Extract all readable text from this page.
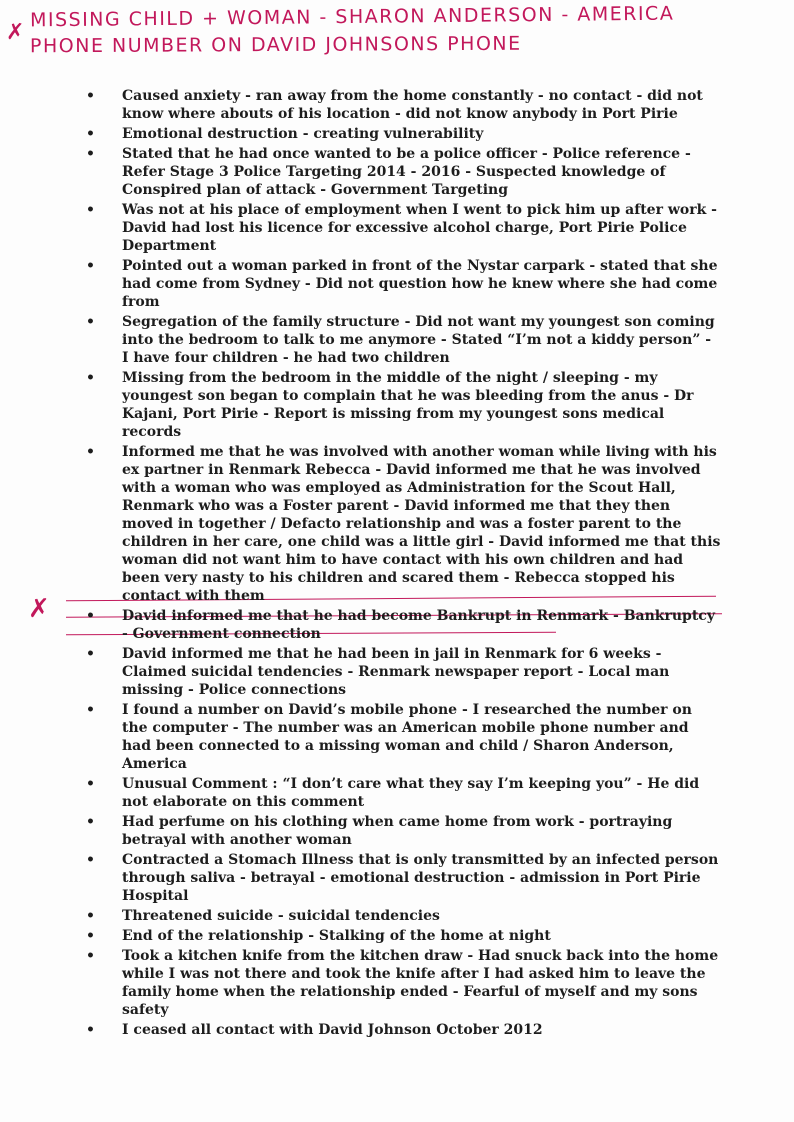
✗
MISSING CHILD + WOMAN - SHARON ANDERSON - AMERICA
PHONE NUMBER ON DAVID JOHNSONS PHONE
✗
• Caused anxiety - ran away from the home constantly - no contact - did not know where abouts of his location - did not know anybody in Port Pirie
• Emotional destruction - creating vulnerability
• Stated that he had once wanted to be a police officer - Police reference - Refer Stage 3 Police Targeting 2014 - 2016 - Suspected knowledge of Conspired plan of attack - Government Targeting
• Was not at his place of employment when I went to pick him up after work - David had lost his licence for excessive alcohol charge, Port Pirie Police Department
• Pointed out a woman parked in front of the Nystar carpark - stated that she had come from Sydney - Did not question how he knew where she had come from
• Segregation of the family structure - Did not want my youngest son coming into the bedroom to talk to me anymore - Stated “I’m not a kiddy person” - I have four children - he had two children
• Missing from the bedroom in the middle of the night / sleeping - my youngest son began to complain that he was bleeding from the anus - Dr Kajani, Port Pirie - Report is missing from my youngest sons medical records
• Informed me that he was involved with another woman while living with his ex partner in Renmark Rebecca - David informed me that he was involved with a woman who was employed as Administration for the Scout Hall, Renmark who was a Foster parent - David informed me that they then moved in together / Defacto relationship and was a foster parent to the children in her care, one child was a little girl - David informed me that this woman did not want him to have contact with his own children and had been very nasty to his children and scared them - Rebecca stopped his contact with them
• David informed me that he had become Bankrupt in Renmark - Bankruptcy - Government connection
• David informed me that he had been in jail in Renmark for 6 weeks - Claimed suicidal tendencies - Renmark newspaper report - Local man missing - Police connections
• I found a number on David’s mobile phone - I researched the number on the computer - The number was an American mobile phone number and had been connected to a missing woman and child / Sharon Anderson, America
• Unusual Comment : “I don’t care what they say I’m keeping you” - He did not elaborate on this comment
• Had perfume on his clothing when came home from work - portraying betrayal with another woman
• Contracted a Stomach Illness that is only transmitted by an infected person through saliva - betrayal - emotional destruction - admission in Port Pirie Hospital
• Threatened suicide - suicidal tendencies
• End of the relationship - Stalking of the home at night
• Took a kitchen knife from the kitchen draw - Had snuck back into the home while I was not there and took the knife after I had asked him to leave the family home when the relationship ended - Fearful of myself and my sons safety
• I ceased all contact with David Johnson October 2012
